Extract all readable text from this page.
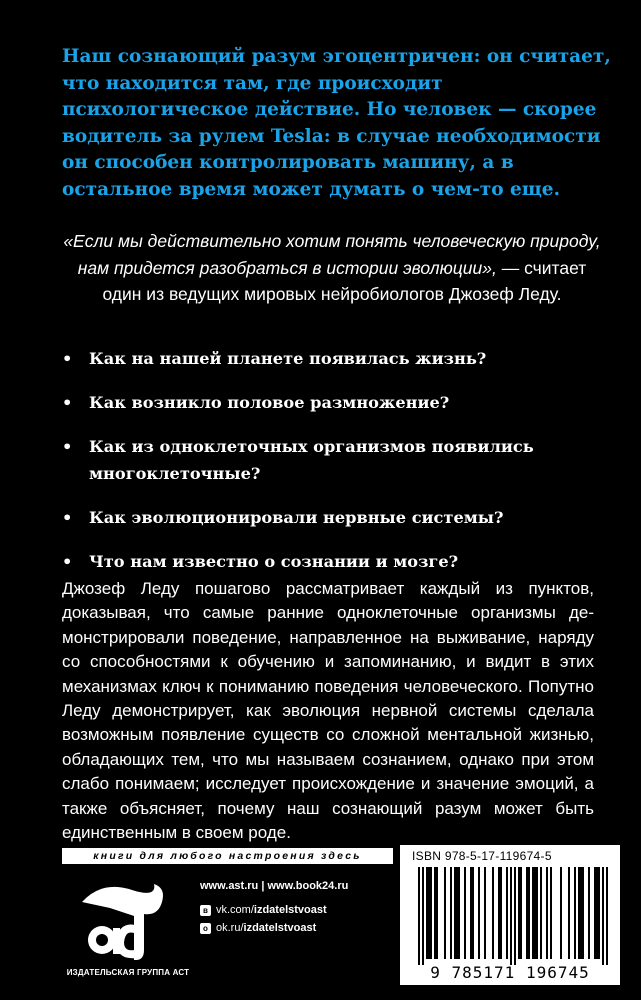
Наш сознающий разум эгоцентричен: он считает, что находится там, где происходит психологическое действие. Но человек — скорее водитель за рулем Tesla: в случае необходимости он способен контролировать машину, а в остальное время может думать о чем-то еще.
«Если мы действительно хотим понять человеческую природу, нам придется разобраться в истории эволюции», — считает один из ведущих мировых нейробиологов Джозеф Леду.
• Как на нашей планете появилась жизнь?
• Как возникло половое размножение?
• Как из одноклеточных организмов появились многоклеточные?
• Как эволюционировали нервные системы?
• Что нам известно о сознании и мозге?
Джозеф Леду пошагово рассматривает каждый из пунктов, доказывая, что самые ранние одноклеточные организмы демонстрировали поведение, направленное на выживание, наряду со способностями к обучению и запоминанию, и видит в этих механизмах ключ к пониманию поведения человеческого. Попутно Леду демонстрирует, как эволюция нервной системы сделала возможным появление существ со сложной ментальной жизнью, обладающих тем, что мы называем сознанием, однако при этом слабо понимаем; исследует происхождение и значение эмоций, а также объясняет, почему наш сознающий разум может быть единственным в своем роде.
книги для любого настроения здесь
ИЗДАТЕЛЬСКАЯ ГРУППА АСТ
www.ast.ru | www.book24.ru
в vk.com/ izdatelstvoast
o ok.ru/ izdatelstvoast
ISBN 978-5-17-119674-5
9 785171 196745
